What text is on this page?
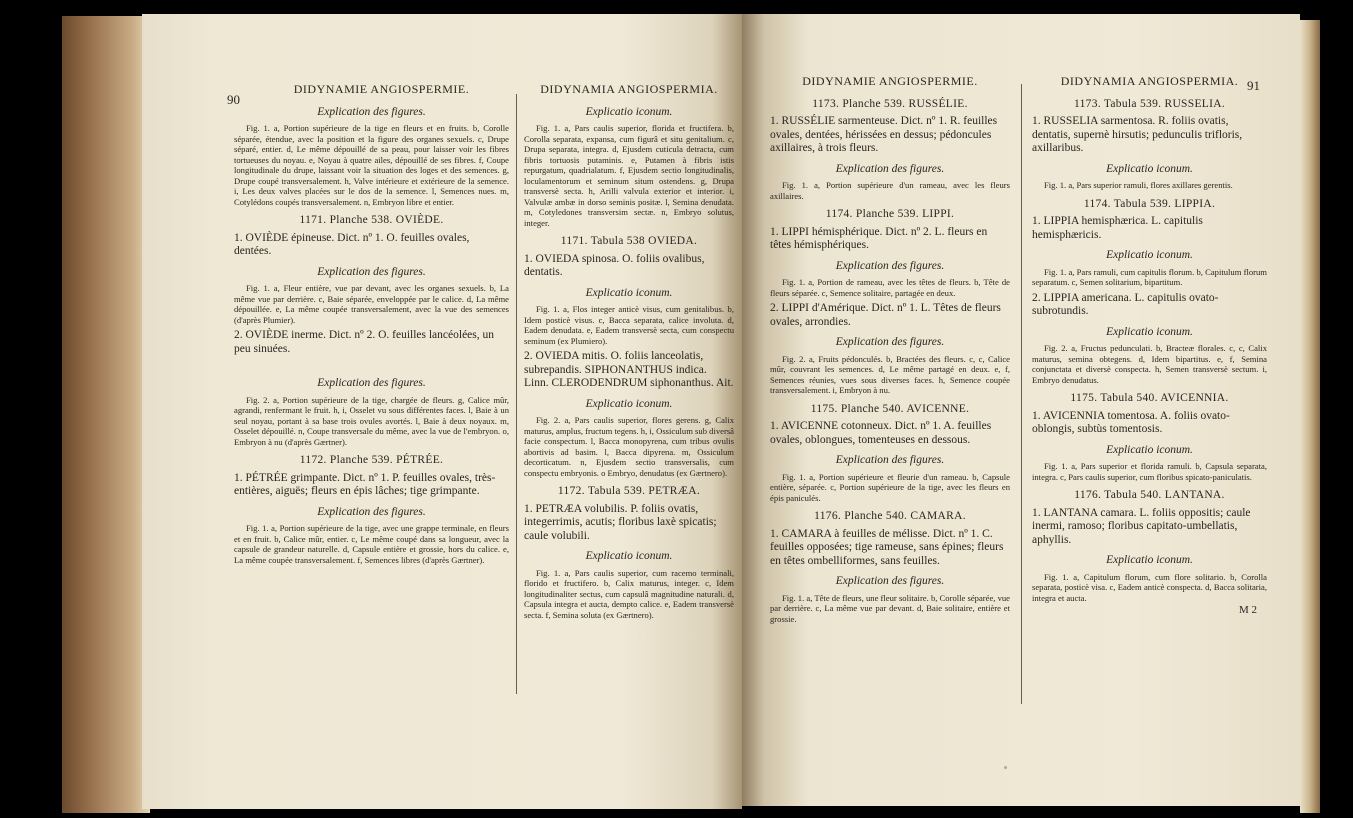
90
DIDYNAMIE ANGIOSPERMIE.
Explication des figures.
Fig. 1. a, Portion supérieure de la tige en fleurs et en fruits. b, Corolle séparée, étendue, avec la position et la figure des organes sexuels. c, Drupe séparé, entier. d, Le même dépouillé de sa peau, pour laisser voir les fibres tortueuses du noyau. e, Noyau à quatre ailes, dépouillé de ses fibres. f, Coupe longitudinale du drupe, laissant voir la situation des loges et des semences. g, Drupe coupé transversalement. h, Valve intérieure et extérieure de la semence. i, Les deux valves placées sur le dos de la semence. l, Semences nues. m, Cotylédons coupés transversalement. n, Embryon libre et entier.
1171. Planche 538. OVIÈDE.
1. OVIÈDE épineuse. Dict. nº 1. O. feuilles ovales, dentées.
Explication des figures.
Fig. 1. a, Fleur entière, vue par devant, avec les organes sexuels. b, La même vue par derrière. c, Baie séparée, enveloppée par le calice. d, La même dépouillée. e, La même coupée transversalement, avec la vue des semences (d'après Plumier).
2. OVIÈDE inerme. Dict. nº 2. O. feuilles lancéolées, un peu sinuées.
Explication des figures.
Fig. 2. a, Portion supérieure de la tige, chargée de fleurs. g, Calice mûr, agrandi, renfermant le fruit. h, i, Osselet vu sous différentes faces. l, Baie à un seul noyau, portant à sa base trois ovules avortés. l, Baie à deux noyaux. m, Osselet dépouillé. n, Coupe transversale du même, avec la vue de l'embryon. o, Embryon à nu (d'après Gærtner).
1172. Planche 539. PÉTRÉE.
1. PÉTRÉE grimpante. Dict. nº 1. P. feuilles ovales, très-entières, aiguës; fleurs en épis lâches; tige grimpante.
Explication des figures.
Fig. 1. a, Portion supérieure de la tige, avec une grappe terminale, en fleurs et en fruit. b, Calice mûr, entier. c, Le même coupé dans sa longueur, avec la capsule de grandeur naturelle. d, Capsule entière et grossie, hors du calice. e, La même coupée transversalement. f, Semences libres (d'après Gærtner).
DIDYNAMIA ANGIOSPERMIA.
Explicatio iconum.
Fig. 1. a, Pars caulis superior, florida et fructifera. b, Corolla separata, expansa, cum figurâ et situ genitalium. c, Drupa separata, integra. d, Ejusdem cuticula detracta, cum fibris tortuosis putaminis. e, Putamen à fibris istis repurgatum, quadrialatum. f, Ejusdem sectio longitudinalis, loculamentorum et seminum situm ostendens. g, Drupa transversè secta. h, Arilli valvula exterior et interior. i, Valvulæ ambæ in dorso seminis positæ. l, Semina denudata. m, Cotyledones transversim sectæ. n, Embryo solutus, integer.
1171. Tabula 538 OVIEDA.
1. OVIEDA spinosa. O. foliis ovalibus, dentatis.
Explicatio iconum.
Fig. 1. a, Flos integer anticè visus, cum genitalibus. b, Idem posticè visus. c, Bacca separata, calice involuta. d, Eadem denudata. e, Eadem transversè secta, cum conspectu seminum (ex Plumiero).
2. OVIEDA mitis. O. foliis lanceolatis, subrepandis. SIPHONANTHUS indica. Linn. CLERODENDRUM siphonanthus. Ait.
Explicatio iconum.
Fig. 2. a, Pars caulis superior, flores gerens. g, Calix maturus, amplus, fructum tegens. h, i, Ossiculum sub diversâ facie conspectum. l, Bacca monopyrena, cum tribus ovulis abortivis ad basim. l, Bacca dipyrena. m, Ossiculum decorticatum. n, Ejusdem sectio transversalis, cum conspectu embryonis. o Embryo, denudatus (ex Gærtnero).
1172. Tabula 539. PETRÆA.
1. PETRÆA volubilis. P. foliis ovatis, integerrimis, acutis; floribus laxè spicatis; caule volubili.
Explicatio iconum.
Fig. 1. a, Pars caulis superior, cum racemo terminali, florido et fructifero. b, Calix maturus, integer. c, Idem longitudinaliter sectus, cum capsulâ magnitudine naturali. d, Capsula integra et aucta, dempto calice. e, Eadem transversè secta. f, Semina soluta (ex Gærtnero).
91
DIDYNAMIE ANGIOSPERMIE.
1173. Planche 539. RUSSÉLIE.
1. RUSSÉLIE sarmenteuse. Dict. nº 1. R. feuilles ovales, dentées, hérissées en dessus; pédoncules axillaires, à trois fleurs.
Explication des figures.
Fig. 1. a, Portion supérieure d'un rameau, avec les fleurs axillaires.
1174. Planche 539. LIPPI.
1. LIPPI hémisphérique. Dict. nº 2. L. fleurs en têtes hémisphériques.
Explication des figures.
Fig. 1. a, Portion de rameau, avec les têtes de fleurs. b, Tête de fleurs séparée. c, Semence solitaire, partagée en deux.
2. LIPPI d'Amérique. Dict. nº 1. L. Têtes de fleurs ovales, arrondies.
Explication des figures.
Fig. 2. a, Fruits pédonculés. b, Bractées des fleurs. c, c, Calice mûr, couvrant les semences. d, Le même partagé en deux. e, f, Semences réunies, vues sous diverses faces. h, Semence coupée transversalement. i, Embryon à nu.
1175. Planche 540. AVICENNE.
1. AVICENNE cotonneux. Dict. nº 1. A. feuilles ovales, oblongues, tomenteuses en dessous.
Explication des figures.
Fig. 1. a, Portion supérieure et fleurie d'un rameau. b, Capsule entière, séparée. c, Portion supérieure de la tige, avec les fleurs en épis paniculés.
1176. Planche 540. CAMARA.
1. CAMARA à feuilles de mélisse. Dict. nº 1. C. feuilles opposées; tige rameuse, sans épines; fleurs en têtes ombelliformes, sans feuilles.
Explication des figures.
Fig. 1. a, Tête de fleurs, une fleur solitaire. b, Corolle séparée, vue par derrière. c, La même vue par devant. d, Baie solitaire, entière et grossie.
DIDYNAMIA ANGIOSPERMIA.
1173. Tabula 539. RUSSELIA.
1. RUSSELIA sarmentosa. R. foliis ovatis, dentatis, supernè hirsutis; pedunculis trifloris, axillaribus.
Explicatio iconum.
Fig. 1. a, Pars superior ramuli, flores axillares gerentis.
1174. Tabula 539. LIPPIA.
1. LIPPIA hemisphærica. L. capitulis hemisphæricis.
Explicatio iconum.
Fig. 1. a, Pars ramuli, cum capitulis florum. b, Capitulum florum separatum. c, Semen solitarium, bipartitum.
2. LIPPIA americana. L. capitulis ovato-subrotundis.
Explicatio iconum.
Fig. 2. a, Fructus pedunculati. b, Bracteæ florales. c, c, Calix maturus, semina obtegens. d, Idem bipartitus. e, f, Semina conjunctata et diversè conspecta. h, Semen transversè sectum. i, Embryo denudatus.
1175. Tabula 540. AVICENNIA.
1. AVICENNIA tomentosa. A. foliis ovato-oblongis, subtùs tomentosis.
Explicatio iconum.
Fig. 1. a, Pars superior et florida ramuli. b, Capsula separata, integra. c, Pars caulis superior, cum floribus spicato-paniculatis.
1176. Tabula 540. LANTANA.
1. LANTANA camara. L. foliis oppositis; caule inermi, ramoso; floribus capitato-umbellatis, aphyllis.
Explicatio iconum.
Fig. 1. a, Capitulum florum, cum flore solitario. b, Corolla separata, posticè visa. c, Eadem anticè conspecta. d, Bacca solitaria, integra et aucta.
M 2
